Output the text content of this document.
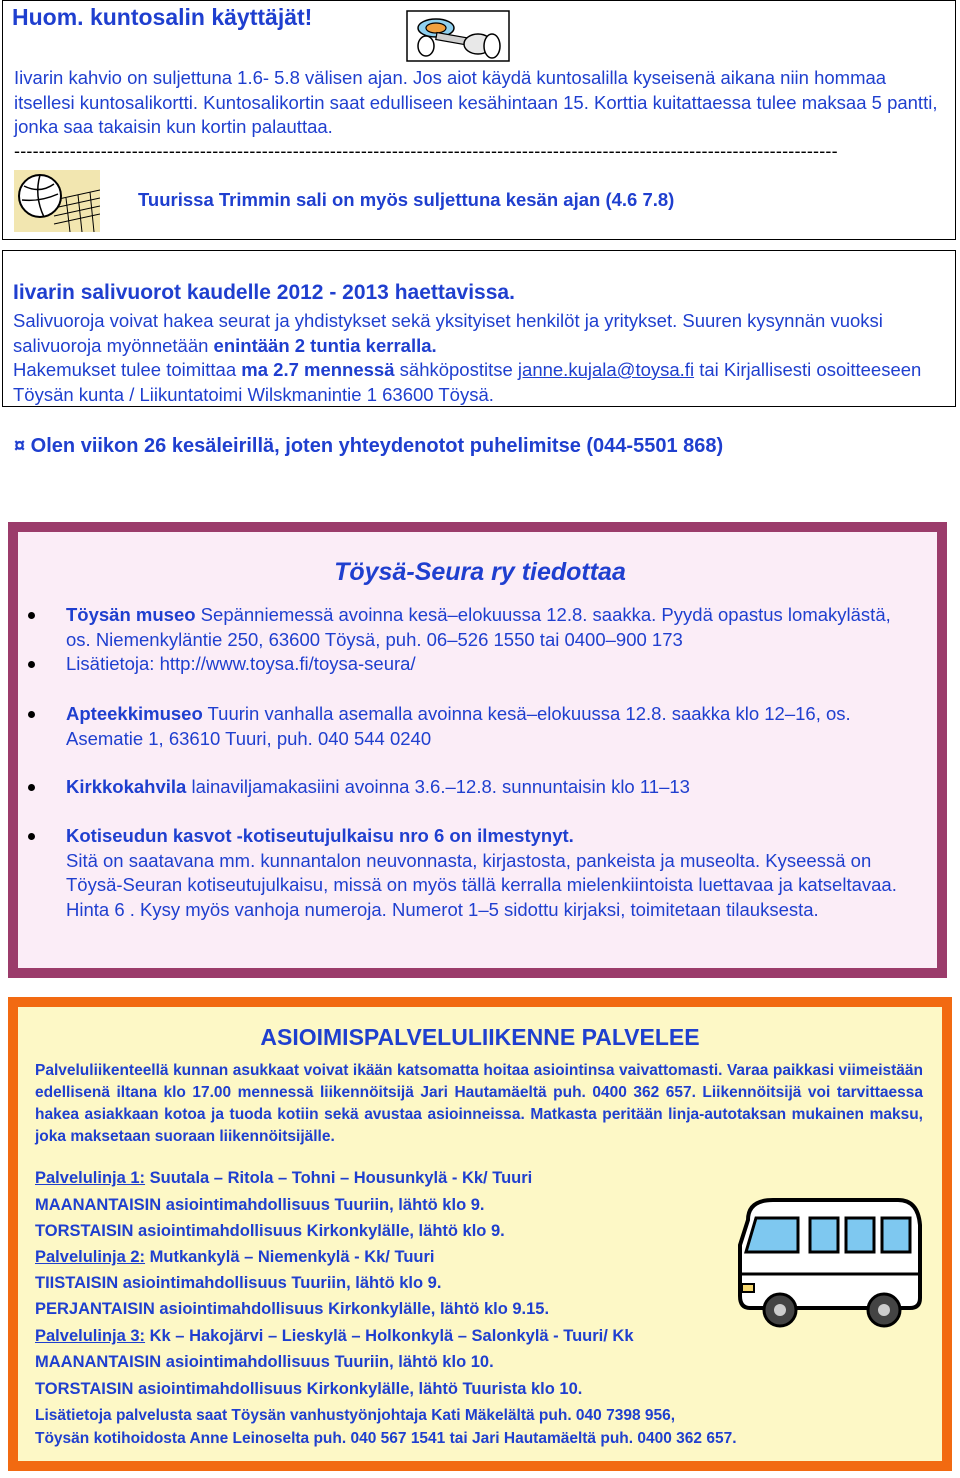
Huom. kuntosalin käyttäjät!
Iivarin kahvio on suljettuna 1.6- 5.8 välisen ajan. Jos aiot käydä kuntosalilla kyseisenä aikana niin hommaa itsellesi kuntosalikortti. Kuntosalikortin saat edulliseen kesähintaan 15. Korttia kuitattaessa tulee maksaa 5 pantti, jonka saa takaisin kun kortin palauttaa.
-------------------------------------------------------------------------------------------------------------------------------------
Tuurissa Trimmin sali on myös suljettuna kesän ajan (4.6 7.8)
Iivarin salivuorot kaudelle 2012 - 2013 haettavissa.
Salivuoroja voivat hakea seurat ja yhdistykset sekä yksityiset henkilöt ja yritykset. Suuren kysynnän vuoksi salivuoroja myönnetään enintään 2 tuntia kerralla.
Hakemukset tulee toimittaa ma 2.7 mennessä sähköpostitse janne.kujala@toysa.fi tai Kirjallisesti osoitteeseen Töysän kunta / Liikuntatoimi Wilskmanintie 1 63600 Töysä.
¤ Olen viikon 26 kesäleirillä, joten yhteydenotot puhelimitse (044-5501 868)
Töysä-Seura ry tiedottaa
Töysän museo Sepänniemessä avoinna kesä–elokuussa 12.8. saakka. Pyydä opastus lomakylästä, os. Niemenkyläntie 250, 63600 Töysä, puh. 06–526 1550 tai 0400–900 173
Lisätietoja: http://www.toysa.fi/toysa-seura/
Apteekkimuseo Tuurin vanhalla asemalla avoinna kesä–elokuussa 12.8. saakka klo 12–16, os. Asematie 1, 63610 Tuuri, puh. 040 544 0240
Kirkkokahvila lainaviljamakasiini avoinna 3.6.–12.8. sunnuntaisin klo 11–13
Kotiseudun kasvot -kotiseutujulkaisu nro 6 on ilmestynyt.
Sitä on saatavana mm. kunnantalon neuvonnasta, kirjastosta, pankeista ja museolta. Kyseessä on Töysä-Seuran kotiseutujulkaisu, missä on myös tällä kerralla mielenkiintoista luettavaa ja katseltavaa. Hinta 6 . Kysy myös vanhoja numeroja. Numerot 1–5 sidottu kirjaksi, toimitetaan tilauksesta.
ASIOIMISPALVELULIIKENNE PALVELEE
Palveluliikenteellä kunnan asukkaat voivat ikään katsomatta hoitaa asiointinsa vaivattomasti. Varaa paikkasi viimeistään edellisenä iltana klo 17.00 mennessä liikennöitsijä Jari Hautamäeltä puh. 0400 362 657. Liikennöitsijä voi tarvittaessa hakea asiakkaan kotoa ja tuoda kotiin sekä avustaa asioinneissa. Matkasta peritään linja-autotaksan mukainen maksu, joka maksetaan suoraan liikennöitsijälle.
Palvelulinja 1: Suutala – Ritola – Tohni – Housunkylä - Kk/ Tuuri
MAANANTAISIN asiointimahdollisuus Tuuriin, lähtö klo 9.
TORSTAISIN asiointimahdollisuus Kirkonkylälle, lähtö klo 9.
Palvelulinja 2: Mutkankylä – Niemenkylä - Kk/ Tuuri
TIISTAISIN asiointimahdollisuus Tuuriin, lähtö klo 9.
PERJANTAISIN asiointimahdollisuus Kirkonkylälle, lähtö klo 9.15.
Palvelulinja 3: Kk – Hakojärvi – Lieskylä – Holkonkylä – Salonkylä - Tuuri/ Kk
MAANANTAISIN asiointimahdollisuus Tuuriin, lähtö klo 10.
TORSTAISIN asiointimahdollisuus Kirkonkylälle, lähtö Tuurista klo 10.
Lisätietoja palvelusta saat Töysän vanhustyönjohtaja Kati Mäkelältä puh. 040 7398 956,
Töysän kotihoidosta Anne Leinoselta puh. 040 567 1541 tai Jari Hautamäeltä puh. 0400 362 657.
